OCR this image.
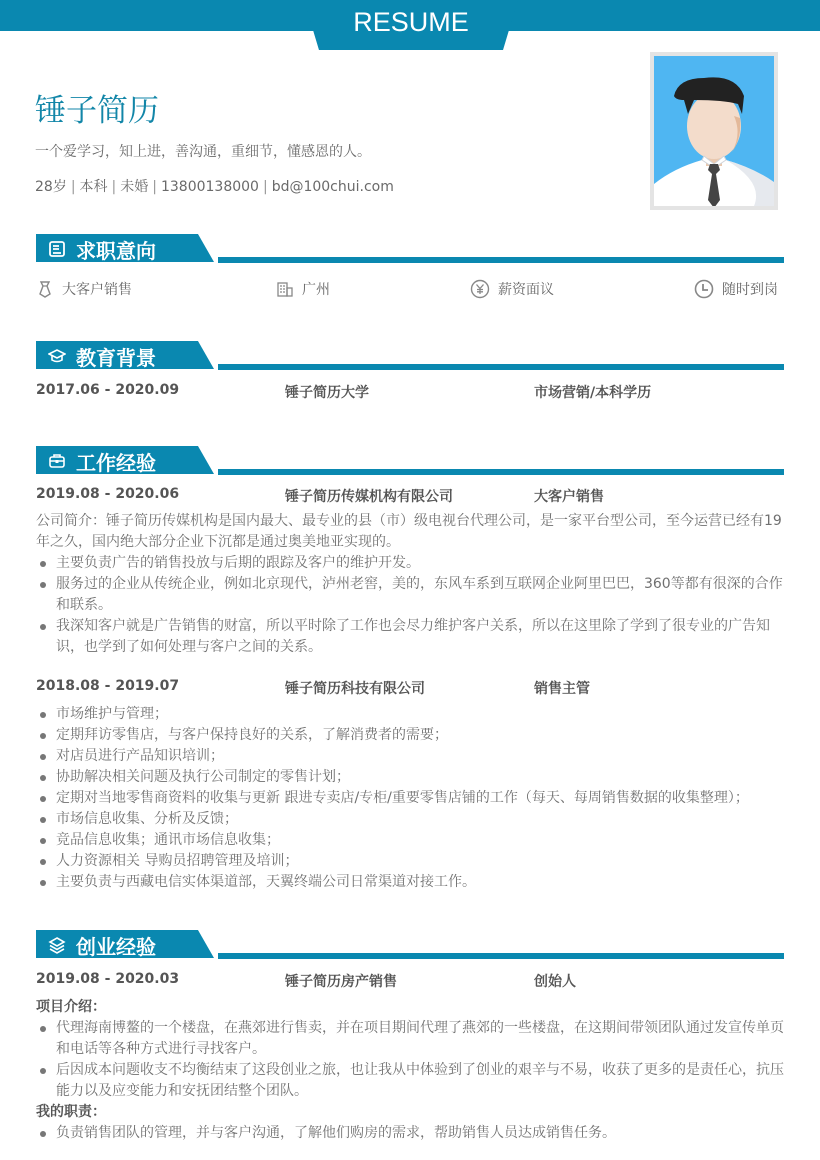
RESUME
锤子简历
一个爱学习，知上进，善沟通，重细节，懂感恩的人。
28岁 | 本科 | 未婚 | 13800138000 | bd@100chui.com
求职意向
大客户销售	广州	薪资面议	随时到岗
教育背景
2017.06 - 2020.09	锤子简历大学	市场营销/本科学历
工作经验
2019.08 - 2020.06	锤子简历传媒机构有限公司	大客户销售
公司简介：锤子简历传媒机构是国内最大、最专业的县（市）级电视台代理公司，是一家平台型公司，至今运营已经有19年之久，国内绝大部分企业下沉都是通过奥美地亚实现的。
主要负责广告的销售投放与后期的跟踪及客户的维护开发。
服务过的企业从传统企业，例如北京现代，泸州老窖，美的，东风车系到互联网企业阿里巴巴，360等都有很深的合作和联系。
我深知客户就是广告销售的财富，所以平时除了工作也会尽力维护客户关系，所以在这里除了学到了很专业的广告知识，也学到了如何处理与客户之间的关系。
2018.08 - 2019.07	锤子简历科技有限公司	销售主管
市场维护与管理；
定期拜访零售店，与客户保持良好的关系，了解消费者的需要；
对店员进行产品知识培训；
协助解决相关问题及执行公司制定的零售计划；
定期对当地零售商资料的收集与更新 跟进专卖店/专柜/重要零售店铺的工作（每天、每周销售数据的收集整理）；
市场信息收集、分析及反馈；
竞品信息收集；通讯市场信息收集；
人力资源相关 导购员招聘管理及培训；
主要负责与西藏电信实体渠道部，天翼终端公司日常渠道对接工作。
创业经验
2019.08 - 2020.03	锤子简历房产销售	创始人
项目介绍：
代理海南博鳌的一个楼盘，在燕郊进行售卖，并在项目期间代理了燕郊的一些楼盘，在这期间带领团队通过发宣传单页和电话等各种方式进行寻找客户。
后因成本问题收支不均衡结束了这段创业之旅，也让我从中体验到了创业的艰辛与不易，收获了更多的是责任心，抗压能力以及应变能力和安抚团结整个团队。
我的职责：
负责销售团队的管理，并与客户沟通，了解他们购房的需求，帮助销售人员达成销售任务。
